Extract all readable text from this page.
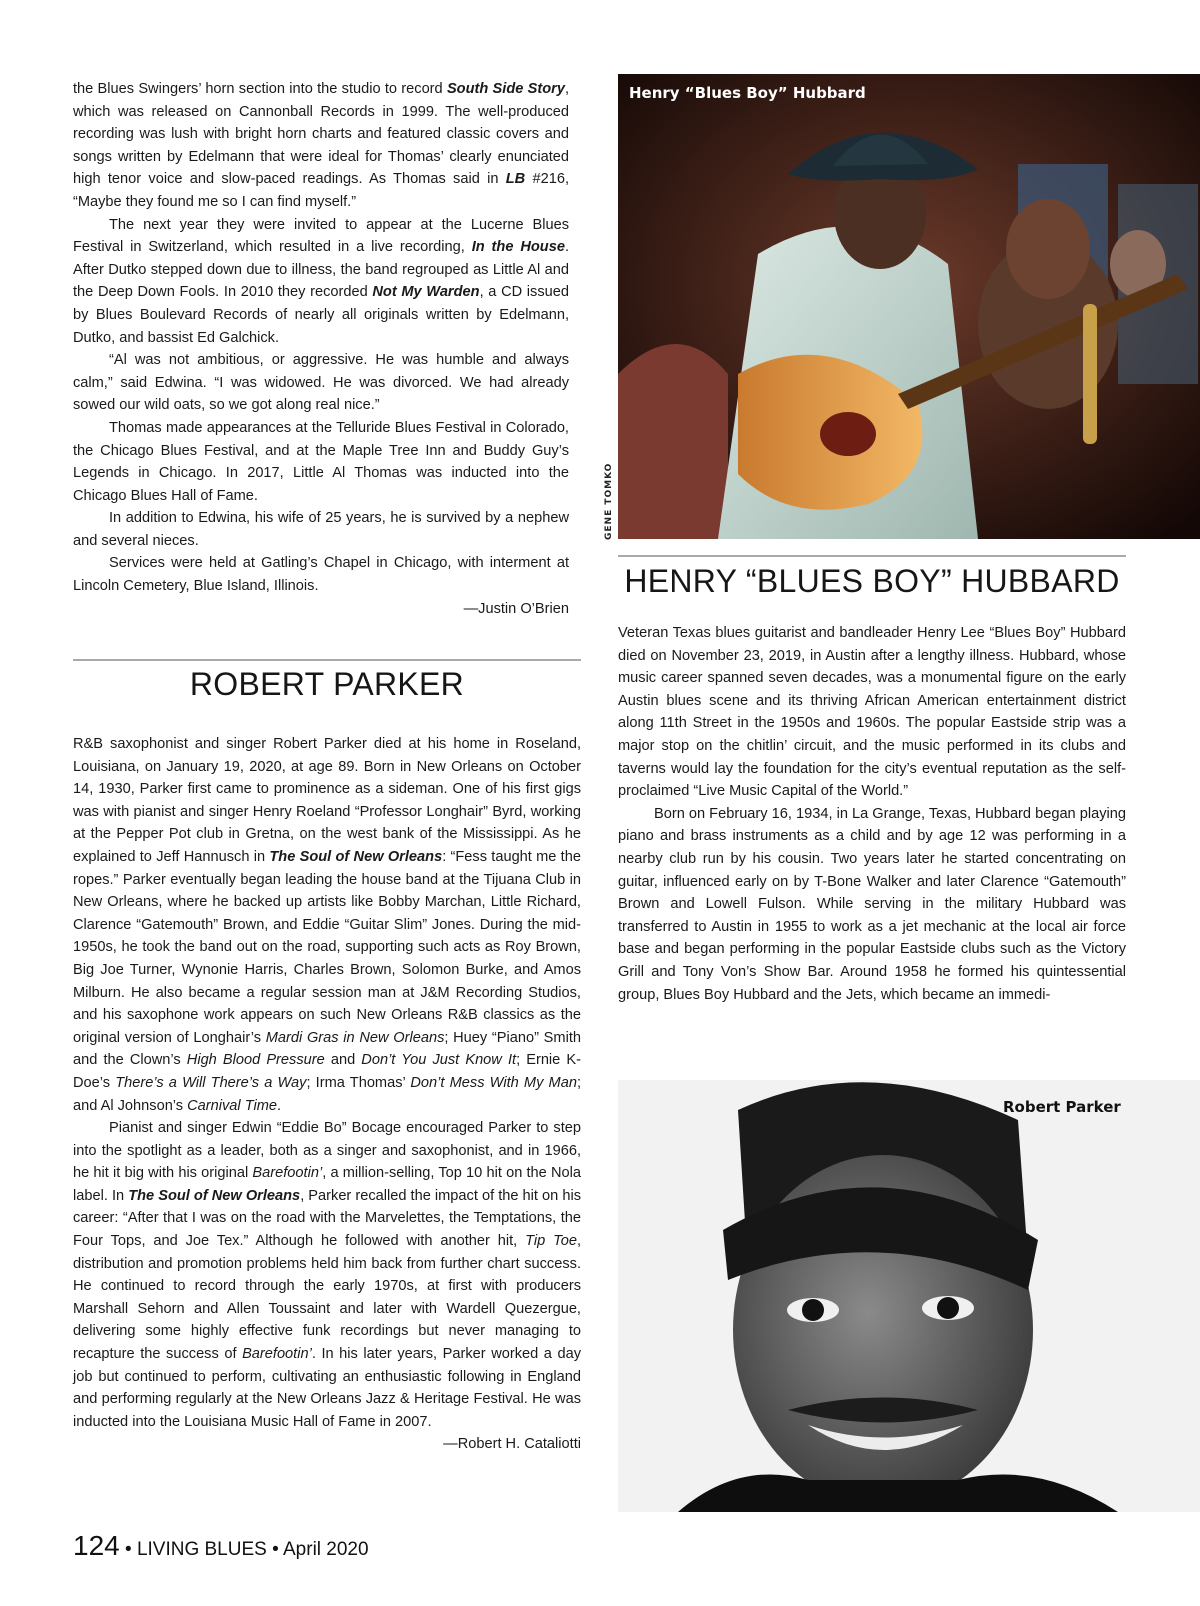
the Blues Swingers’ horn section into the studio to record South Side Story, which was released on Cannonball Records in 1999. The well-produced recording was lush with bright horn charts and featured classic covers and songs written by Edelmann that were ideal for Thomas’ clearly enunciated high tenor voice and slow-paced readings. As Thomas said in LB #216, “Maybe they found me so I can find myself.”

The next year they were invited to appear at the Lucerne Blues Festival in Switzerland, which resulted in a live recording, In the House. After Dutko stepped down due to illness, the band regrouped as Little Al and the Deep Down Fools. In 2010 they recorded Not My Warden, a CD issued by Blues Boulevard Records of nearly all originals written by Edelmann, Dutko, and bassist Ed Galchick.

“Al was not ambitious, or aggressive. He was humble and always calm,” said Edwina. “I was widowed. He was divorced. We had already sowed our wild oats, so we got along real nice.”

Thomas made appearances at the Telluride Blues Festival in Colorado, the Chicago Blues Festival, and at the Maple Tree Inn and Buddy Guy’s Legends in Chicago. In 2017, Little Al Thomas was inducted into the Chicago Blues Hall of Fame.

In addition to Edwina, his wife of 25 years, he is survived by a nephew and several nieces.

Services were held at Gatling’s Chapel in Chicago, with interment at Lincoln Cemetery, Blue Island, Illinois.

—Justin O’Brien

ROBERT PARKER

R&B saxophonist and singer Robert Parker died at his home in Roseland, Louisiana, on January 19, 2020, at age 89. Born in New Orleans on October 14, 1930, Parker first came to prominence as a sideman. One of his first gigs was with pianist and singer Henry Roeland “Professor Longhair” Byrd, working at the Pepper Pot club in Gretna, on the west bank of the Mississippi. As he explained to Jeff Hannusch in The Soul of New Orleans: “Fess taught me the ropes.” Parker eventually began leading the house band at the Tijuana Club in New Orleans, where he backed up artists like Bobby Marchan, Little Richard, Clarence “Gatemouth” Brown, and Eddie “Guitar Slim” Jones. During the mid-1950s, he took the band out on the road, supporting such acts as Roy Brown, Big Joe Turner, Wynonie Harris, Charles Brown, Solomon Burke, and Amos Milburn. He also became a regular session man at J&M Recording Studios, and his saxophone work appears on such New Orleans R&B classics as the original version of Longhair’s Mardi Gras in New Orleans; Huey “Piano” Smith and the Clown’s High Blood Pressure and Don’t You Just Know It; Ernie K-Doe’s There’s a Will There’s a Way; Irma Thomas’ Don’t Mess With My Man; and Al Johnson’s Carnival Time.

Pianist and singer Edwin “Eddie Bo” Bocage encouraged Parker to step into the spotlight as a leader, both as a singer and saxophonist, and in 1966, he hit it big with his original Barefootin’, a million-selling, Top 10 hit on the Nola label. In The Soul of New Orleans, Parker recalled the impact of the hit on his career: “After that I was on the road with the Marvelettes, the Temptations, the Four Tops, and Joe Tex.” Although he followed with another hit, Tip Toe, distribution and promotion problems held him back from further chart success. He continued to record through the early 1970s, at first with producers Marshall Sehorn and Allen Toussaint and later with Wardell Quezergue, delivering some highly effective funk recordings but never managing to recapture the success of Barefootin’. In his later years, Parker worked a day job but continued to perform, cultivating an enthusiastic following in England and performing regularly at the New Orleans Jazz & Heritage Festival. He was inducted into the Louisiana Music Hall of Fame in 2007.

—Robert H. Cataliotti

Henry “Blues Boy” Hubbard
GENE TOMKO
HENRY “BLUES BOY” HUBBARD

Veteran Texas blues guitarist and bandleader Henry Lee “Blues Boy” Hubbard died on November 23, 2019, in Austin after a lengthy illness. Hubbard, whose music career spanned seven decades, was a monumental figure on the early Austin blues scene and its thriving African American entertainment district along 11th Street in the 1950s and 1960s. The popular Eastside strip was a major stop on the chitlin’ circuit, and the music performed in its clubs and taverns would lay the foundation for the city’s eventual reputation as the self-proclaimed “Live Music Capital of the World.”

Born on February 16, 1934, in La Grange, Texas, Hubbard began playing piano and brass instruments as a child and by age 12 was performing in a nearby club run by his cousin. Two years later he started concentrating on guitar, influenced early on by T-Bone Walker and later Clarence “Gatemouth” Brown and Lowell Fulson. While serving in the military Hubbard was transferred to Austin in 1955 to work as a jet mechanic at the local air force base and began performing in the popular Eastside clubs such as the Victory Grill and Tony Von’s Show Bar. Around 1958 he formed his quintessential group, Blues Boy Hubbard and the Jets, which became an immedi-

Robert Parker
124 • LIVING BLUES • April 2020
